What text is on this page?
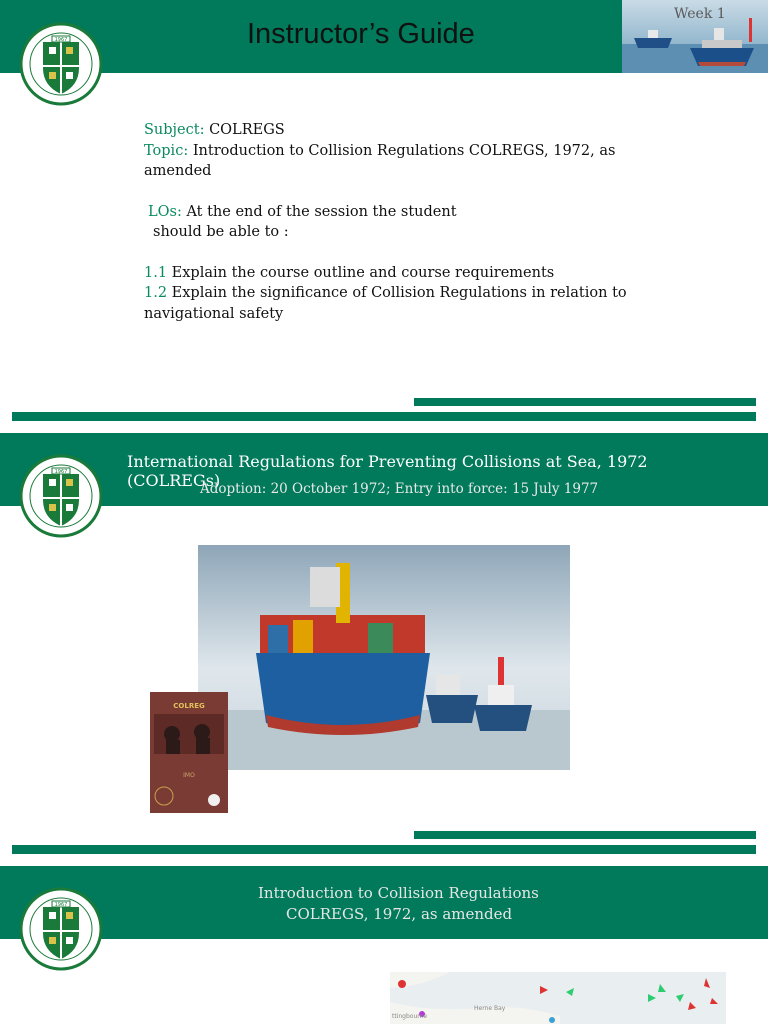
1967	Instructor’s Guide
Week 1
Subject: COLREGS
Topic: Introduction to Collision Regulations COLREGS, 1972, as
amended
LOs: At the end of the session the student
should be able to :
1.1 Explain the course outline and course requirements
1.2 Explain the significance of Collision Regulations in relation to
navigational safety
1967
International Regulations for Preventing Collisions at Sea, 1972 (COLREGs)
Adoption: 20 October 1972; Entry into force: 15 July 1977
COLREG
IMO
1967
Introduction to Collision Regulations
COLREGS, 1972, as amended
Herne Bay
ttingbourne
